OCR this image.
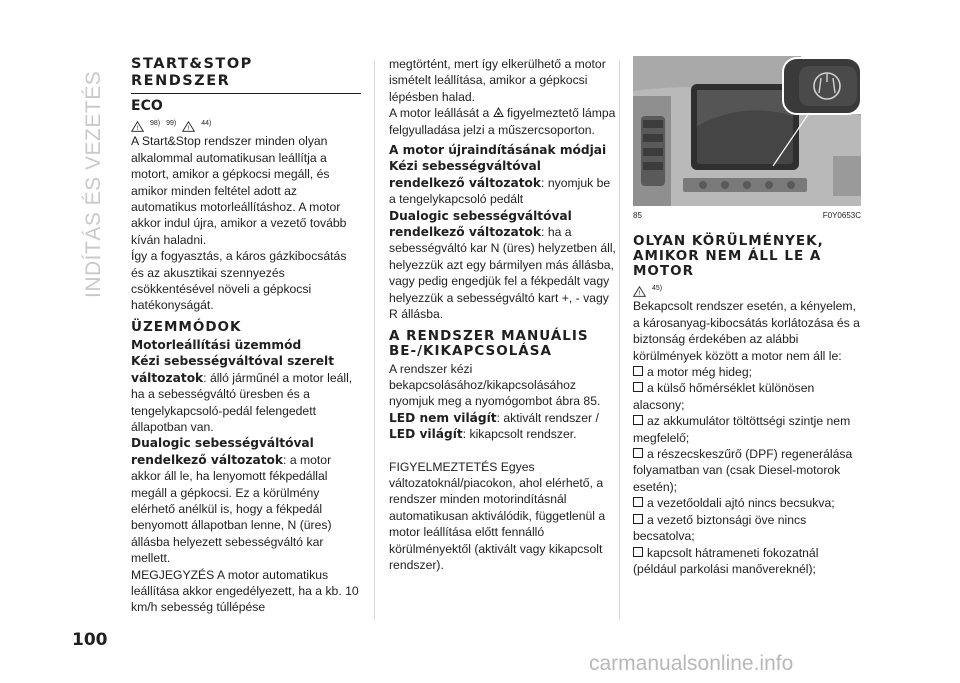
INDÍTÁS ÉS VEZETÉS
START&STOP
RENDSZER
ECO
!
98) 99)
!
44)

A Start&Stop rendszer minden olyan alkalommal automatikusan leállítja a motort, amikor a gépkocsi megáll, és amikor minden feltétel adott az automatikus motorleállításhoz. A motor akkor indul újra, amikor a vezető tovább kíván haladni.

Így a fogyasztás, a káros gázkibocsátás és az akusztikai szennyezés csökkentésével növeli a gépkocsi hatékonyságát.

ÜZEMMÓDOK
Motorleállítási üzemmód

Kézi sebességváltóval szerelt változatok: álló járműnél a motor leáll, ha a sebességváltó üresben és a tengelykapcsoló-pedál felengedett állapotban van.

Dualogic sebességváltóval rendelkező változatok: a motor akkor áll le, ha lenyomott fékpedállal megáll a gépkocsi. Ez a körülmény elérhető anélkül is, hogy a fékpedál benyomott állapotban lenne, N (üres) állásba helyezett sebességváltó kar mellett.

MEGJEGYZÉS A motor automatikus leállítása akkor engedélyezett, ha a kb. 10 km/h sebesség túllépése

megtörtént, mert így elkerülhető a motor ismételt leállítása, amikor a gépkocsi lépésben halad.

A motor leállását a figyelmeztető lámpa felgyulladása jelzi a műszercsoporton.

A motor újraindításának módjai

Kézi sebességváltóval rendelkező változatok: nyomjuk be a tengelykapcsoló pedált

Dualogic sebességváltóval rendelkező változatok: ha a sebességváltó kar N (üres) helyzetben áll, helyezzük azt egy bármilyen más állásba, vagy pedig engedjük fel a fékpedált vagy helyezzük a sebességváltó kart +, - vagy R állásba.

A RENDSZER MANUÁLIS BE-/KIKAPCSOLÁSA

A rendszer kézi bekapcsolásához/kikapcsolásához nyomjuk meg a nyomógombot ábra 85.

LED nem világít: aktivált rendszer /

LED világít: kikapcsolt rendszer.

FIGYELMEZTETÉS Egyes változatoknál/piacokon, ahol elérhető, a rendszer minden motorindításnál automatikusan aktiválódik, függetlenül a motor leállítása előtt fennálló körülményektől (aktivált vagy kikapcsolt rendszer).

85	F0Y0653C
OLYAN KÖRÜLMÉNYEK, AMIKOR NEM ÁLL LE A MOTOR
!
45)

Bekapcsolt rendszer esetén, a kényelem, a károsanyag-kibocsátás korlátozása és a biztonság érdekében az alábbi körülmények között a motor nem áll le:

a motor még hideg;

a külső hőmérséklet különösen alacsony;

az akkumulátor töltöttségi szintje nem megfelelő;

a részecskeszűrő (DPF) regenerálása folyamatban van (csak Diesel-motorok esetén);

a vezetőoldali ajtó nincs becsukva;

a vezető biztonsági öve nincs becsatolva;

kapcsolt hátrameneti fokozatnál (például parkolási manővereknél);

100
carmanualsonline.info
